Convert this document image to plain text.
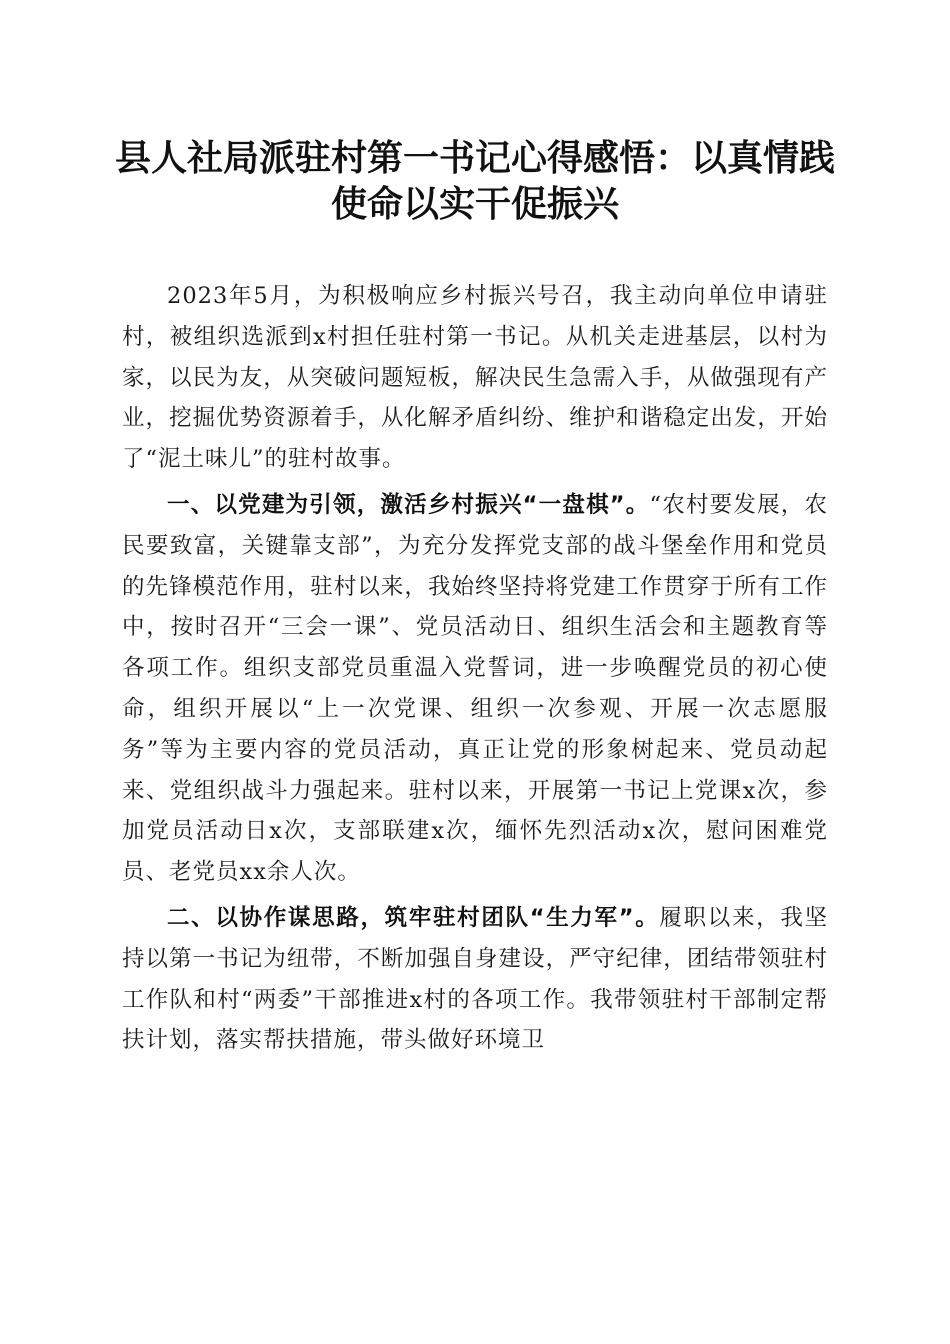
县人社局派驻村第一书记心得感悟：以真情践使命以实干促振兴

2023年5月，为积极响应乡村振兴号召，我主动向单位申请驻村，被组织选派到x村担任驻村第一书记。从机关走进基层，以村为家，以民为友，从突破问题短板，解决民生急需入手，从做强现有产业，挖掘优势资源着手，从化解矛盾纠纷、维护和谐稳定出发，开始了“泥土味儿”的驻村故事。

一、以党建为引领，激活乡村振兴“一盘棋”。“农村要发展，农民要致富，关键靠支部”，为充分发挥党支部的战斗堡垒作用和党员的先锋模范作用，驻村以来，我始终坚持将党建工作贯穿于所有工作中，按时召开“三会一课”、党员活动日、组织生活会和主题教育等各项工作。组织支部党员重温入党誓词，进一步唤醒党员的初心使命，组织开展以“上一次党课、组织一次参观、开展一次志愿服务”等为主要内容的党员活动，真正让党的形象树起来、党员动起来、党组织战斗力强起来。驻村以来，开展第一书记上党课x次，参加党员活动日x次，支部联建x次，缅怀先烈活动x次，慰问困难党员、老党员xx余人次。

二、以协作谋思路，筑牢驻村团队“生力军”。履职以来，我坚持以第一书记为纽带，不断加强自身建设，严守纪律，团结带领驻村工作队和村“两委”干部推进x村的各项工作。我带领驻村干部制定帮扶计划，落实帮扶措施，带头做好环境卫
